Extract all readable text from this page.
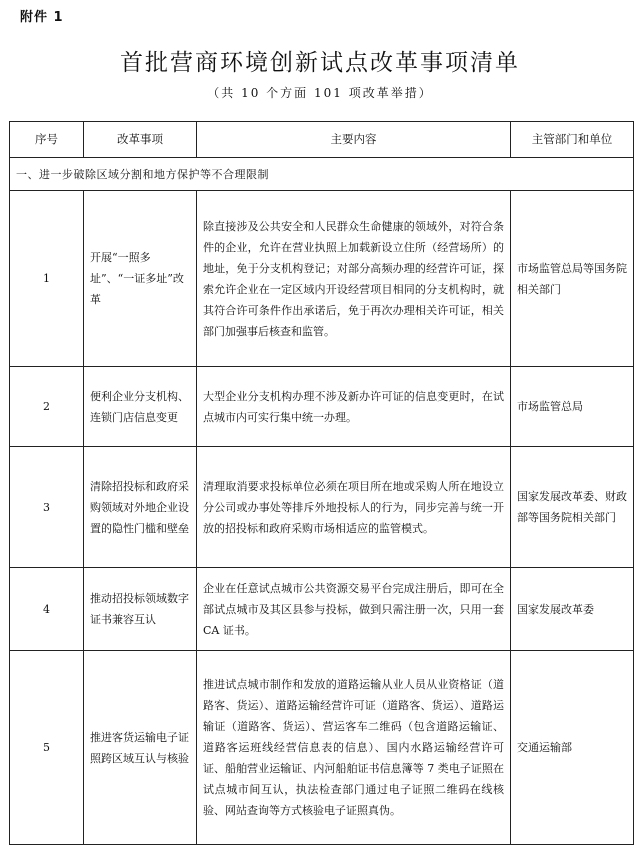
附件 1
首批营商环境创新试点改革事项清单
（共 10 个方面 101 项改革举措）
序号	改革事项	主要内容	主管部门和单位
一、进一步破除区域分割和地方保护等不合理限制			
1	开展“一照多址”、“一证多址”改革	除直接涉及公共安全和人民群众生命健康的领域外，对符合条件的企业，允许在营业执照上加载新设立住所（经营场所）的地址，免于分支机构登记；对部分高频办理的经营许可证，探索允许企业在一定区域内开设经营项目相同的分支机构时，就其符合许可条件作出承诺后，免于再次办理相关许可证，相关部门加强事后核查和监管。	市场监管总局等国务院相关部门
2	便利企业分支机构、连锁门店信息变更	大型企业分支机构办理不涉及新办许可证的信息变更时，在试点城市内可实行集中统一办理。	市场监管总局
3	清除招投标和政府采购领域对外地企业设置的隐性门槛和壁垒	清理取消要求投标单位必须在项目所在地或采购人所在地设立分公司或办事处等排斥外地投标人的行为，同步完善与统一开放的招投标和政府采购市场相适应的监管模式。	国家发展改革委、财政部等国务院相关部门
4	推动招投标领域数字证书兼容互认	企业在任意试点城市公共资源交易平台完成注册后，即可在全部试点城市及其区县参与投标，做到只需注册一次，只用一套 CA 证书。	国家发展改革委
5	推进客货运输电子证照跨区域互认与核验	推进试点城市制作和发放的道路运输从业人员从业资格证（道路客、货运）、道路运输经营许可证（道路客、货运）、道路运输证（道路客、货运）、营运客车二维码（包含道路运输证、道路客运班线经营信息表的信息）、国内水路运输经营许可证、船舶营业运输证、内河船舶证书信息簿等 7 类电子证照在试点城市间互认，执法检查部门通过电子证照二维码在线核验、网站查询等方式核验电子证照真伪。	交通运输部
